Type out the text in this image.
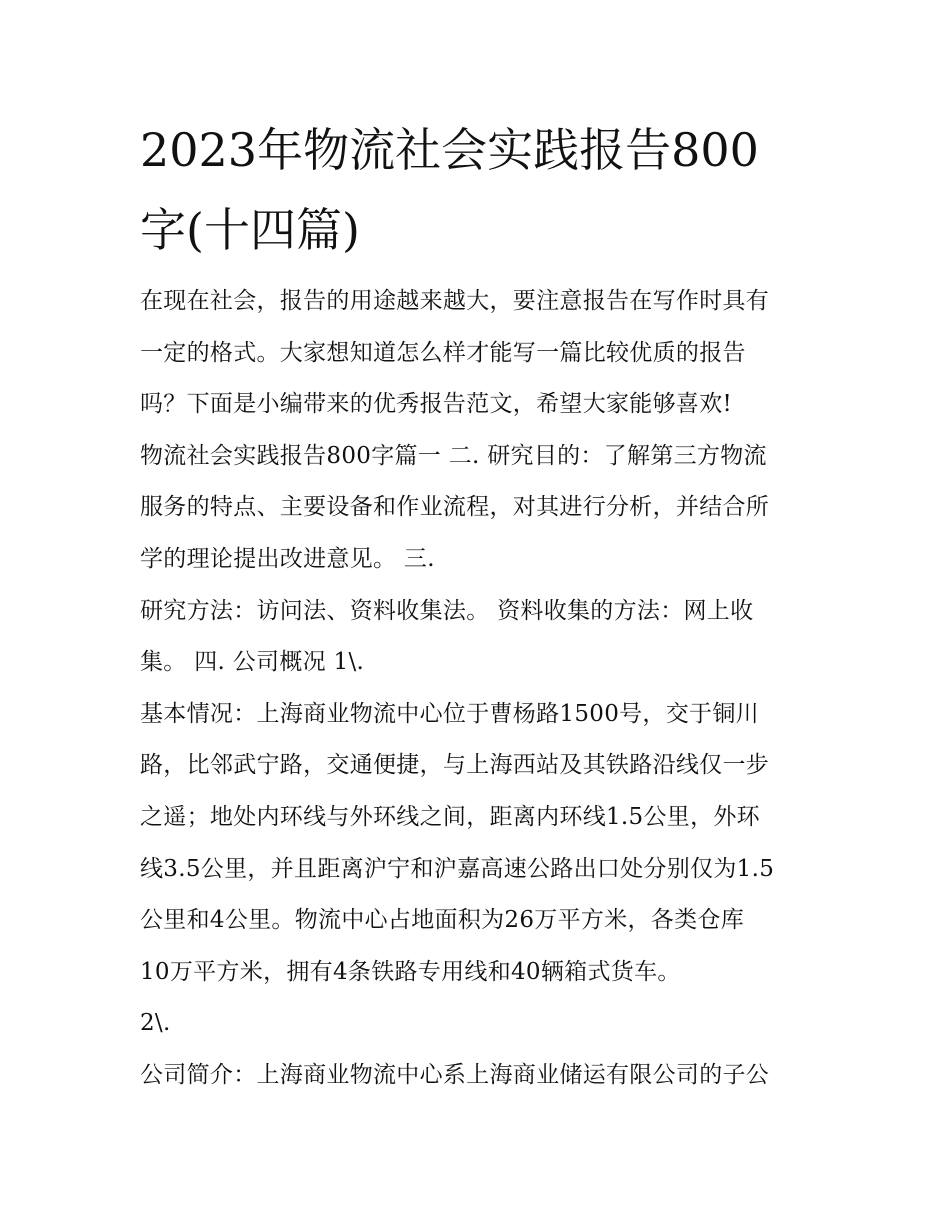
2023年物流社会实践报告800
字(十四篇)
在现在社会，报告的用途越来越大，要注意报告在写作时具有
一定的格式。大家想知道怎么样才能写一篇比较优质的报告
吗？下面是小编带来的优秀报告范文，希望大家能够喜欢!
物流社会实践报告800字篇一 二. 研究目的：了解第三方物流
服务的特点、主要设备和作业流程，对其进行分析，并结合所
学的理论提出改进意见。 三.
研究方法：访问法、资料收集法。 资料收集的方法：网上收
集。 四. 公司概况 1\.
基本情况：上海商业物流中心位于曹杨路1500号，交于铜川
路，比邻武宁路，交通便捷，与上海西站及其铁路沿线仅一步
之遥；地处内环线与外环线之间，距离内环线1.5公里，外环
线3.5公里，并且距离沪宁和沪嘉高速公路出口处分别仅为1.5
公里和4公里。物流中心占地面积为26万平方米，各类仓库
10万平方米，拥有4条铁路专用线和40辆箱式货车。
2\.
公司简介：上海商业物流中心系上海商业储运有限公司的子公
